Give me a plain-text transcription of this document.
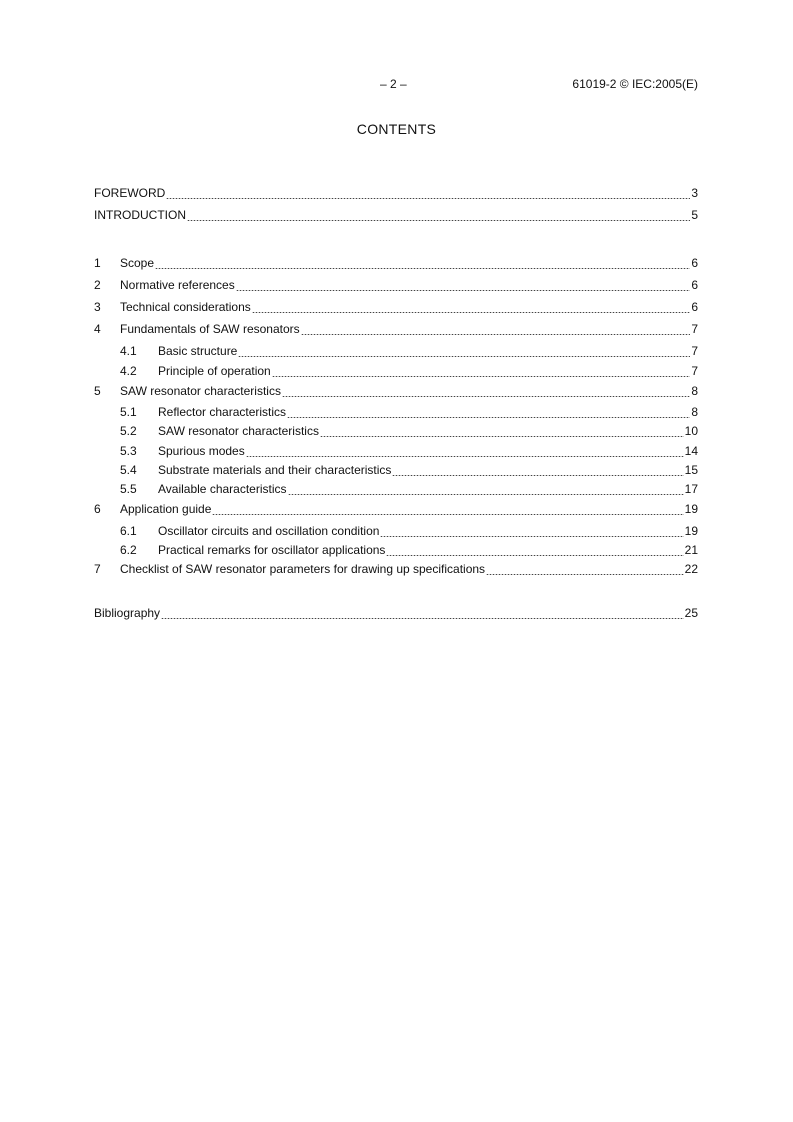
– 2 –	61019-2 © IEC:2005(E)
CONTENTS
FOREWORD	3
INTRODUCTION	5
1	Scope	6
2	Normative references	6
3	Technical considerations	6
4	Fundamentals of SAW resonators	7
4.1	Basic structure	7
4.2	Principle of operation	7
5	SAW resonator characteristics	8
5.1	Reflector characteristics	8
5.2	SAW resonator characteristics	10
5.3	Spurious modes	14
5.4	Substrate materials and their characteristics	15
5.5	Available characteristics	17
6	Application guide	19
6.1	Oscillator circuits and oscillation condition	19
6.2	Practical remarks for oscillator applications	21
7	Checklist of SAW resonator parameters for drawing up specifications	22
Bibliography	25
